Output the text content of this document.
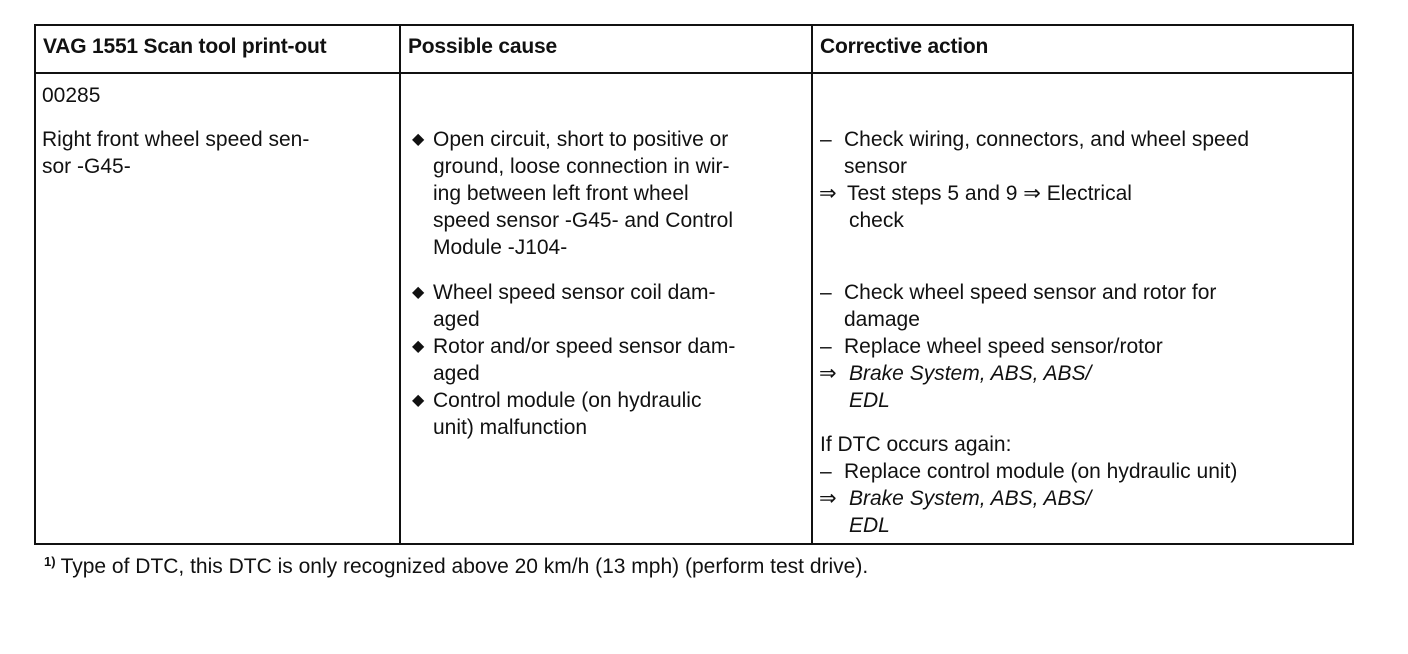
VAG 1551 Scan tool print-out	Possible cause	Corrective action
00285
Right front wheel speed sen-
sor -G45-
◆ Open circuit, short to positive or
ground, loose connection in wir-
ing between left front wheel
speed sensor -G45- and Control
Module -J104-
◆ Wheel speed sensor coil dam-
aged
◆ Rotor and/or speed sensor dam-
aged
◆ Control module (on hydraulic
unit) malfunction
– Check wiring, connectors, and wheel speed
sensor
⇒ Test steps 5 and 9 ⇒ Electrical
check
– Check wheel speed sensor and rotor for
damage
– Replace wheel speed sensor/rotor
⇒ Brake System, ABS, ABS/
EDL
If DTC occurs again:
– Replace control module (on hydraulic unit)
⇒ Brake System, ABS, ABS/
EDL
$^{1)}$ Type of DTC, this DTC is only recognized above 20 km/h (13 mph) (perform test drive).
